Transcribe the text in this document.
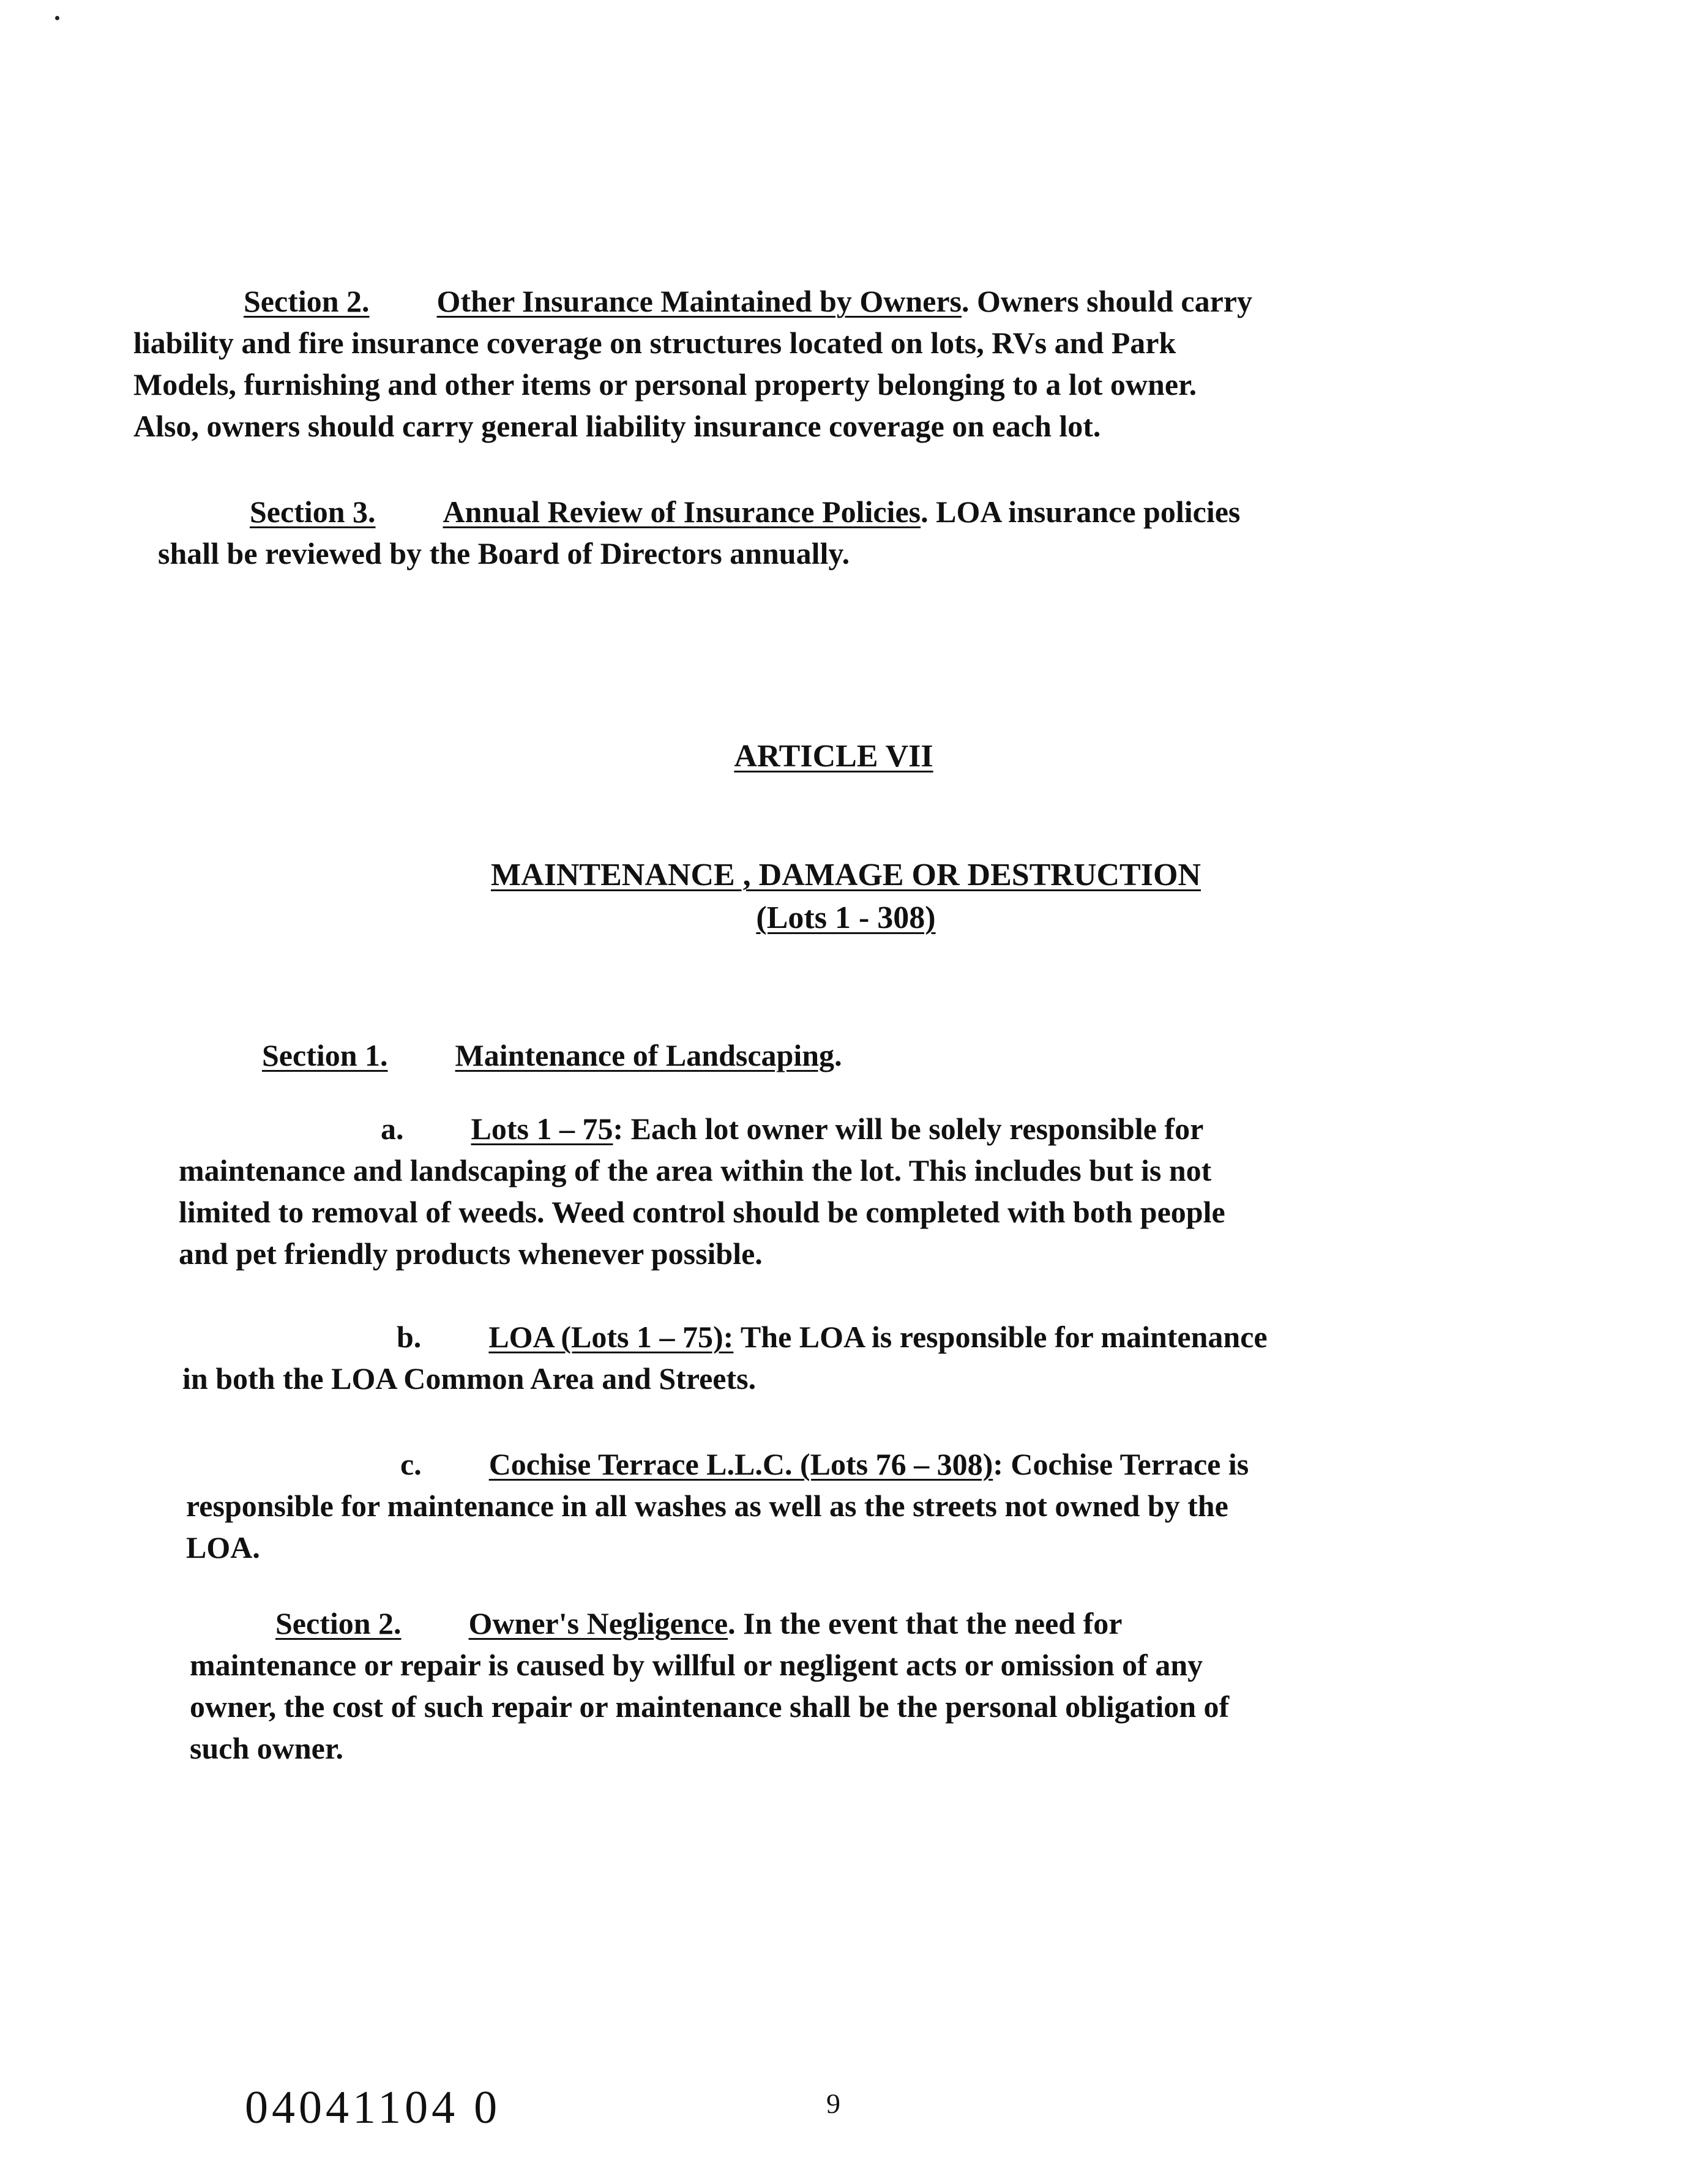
Section 2. Other Insurance Maintained by Owners. Owners should carry
liability and fire insurance coverage on structures located on lots, RVs and Park
Models, furnishing and other items or personal property belonging to a lot owner.
Also, owners should carry general liability insurance coverage on each lot.
Section 3. Annual Review of Insurance Policies. LOA insurance policies
shall be reviewed by the Board of Directors annually.
ARTICLE VII
MAINTENANCE , DAMAGE OR DESTRUCTION
(Lots 1 - 308)
Section 1. Maintenance of Landscaping.
a. Lots 1 – 75: Each lot owner will be solely responsible for
maintenance and landscaping of the area within the lot. This includes but is not
limited to removal of weeds. Weed control should be completed with both people
and pet friendly products whenever possible.
b. LOA (Lots 1 – 75): The LOA is responsible for maintenance
in both the LOA Common Area and Streets.
c. Cochise Terrace L.L.C. (Lots 76 – 308): Cochise Terrace is
responsible for maintenance in all washes as well as the streets not owned by the
LOA.
Section 2. Owner's Negligence. In the event that the need for
maintenance or repair is caused by willful or negligent acts or omission of any
owner, the cost of such repair or maintenance shall be the personal obligation of
such owner.
04041104 0	9
